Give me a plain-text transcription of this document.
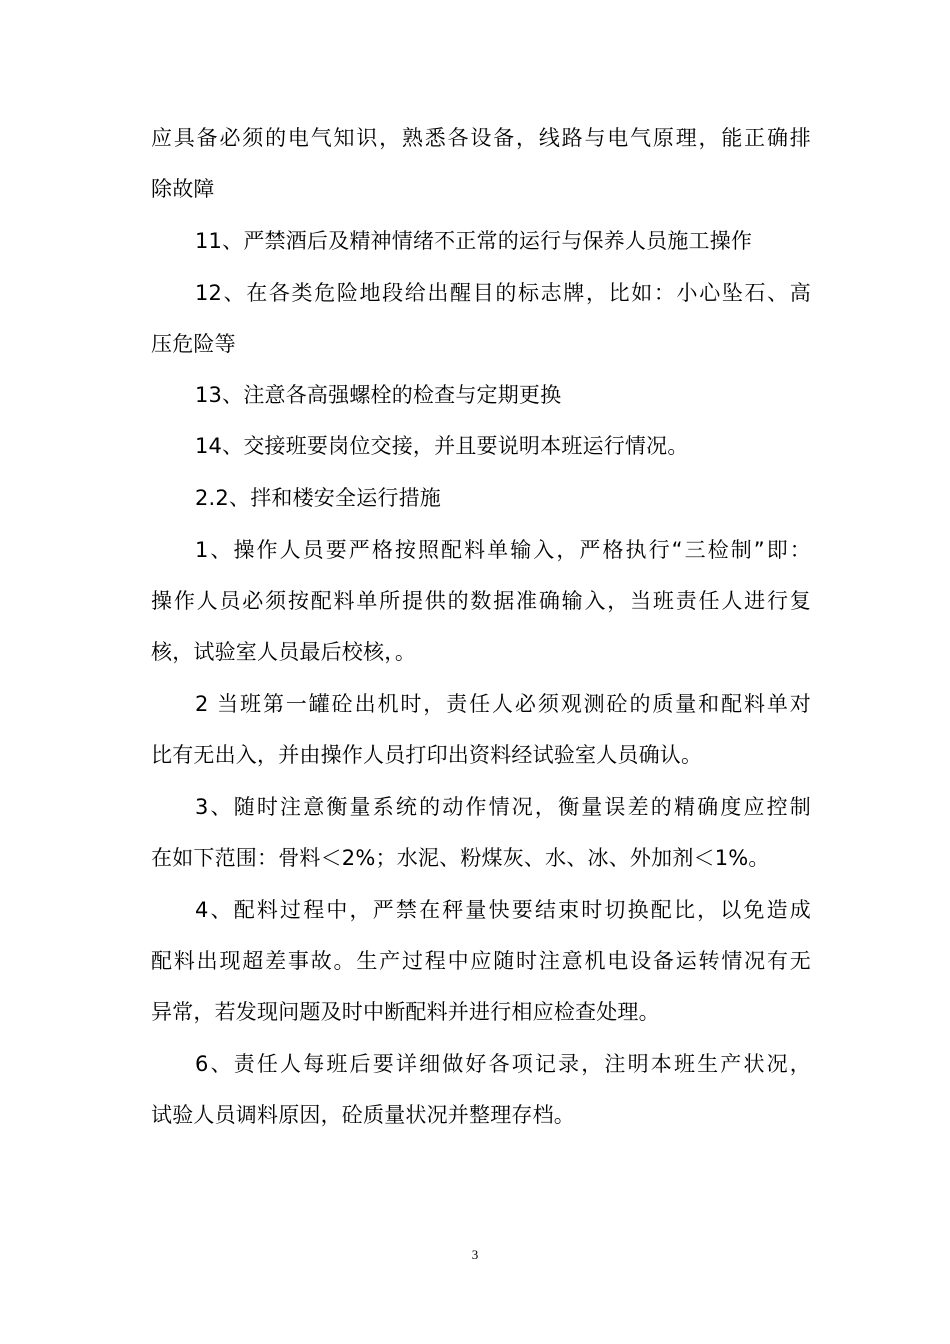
应具备必须的电气知识，熟悉各设备，线路与电气原理，能正确排
除故障
11、严禁酒后及精神情绪不正常的运行与保养人员施工操作
12、在各类危险地段给出醒目的标志牌，比如：小心坠石、高
压危险等
13、注意各高强螺栓的检查与定期更换
14、交接班要岗位交接，并且要说明本班运行情况。
2.2、拌和楼安全运行措施
1、操作人员要严格按照配料单输入，严格执行“三检制”即：
操作人员必须按配料单所提供的数据准确输入，当班责任人进行复
核，试验室人员最后校核，。
2 当班第一罐砼出机时，责任人必须观测砼的质量和配料单对
比有无出入，并由操作人员打印出资料经试验室人员确认。
3、随时注意衡量系统的动作情况，衡量误差的精确度应控制
在如下范围：骨料＜2%；水泥、粉煤灰、水、冰、外加剂＜1%。
4、配料过程中，严禁在秤量快要结束时切换配比，以免造成
配料出现超差事故。生产过程中应随时注意机电设备运转情况有无
异常，若发现问题及时中断配料并进行相应检查处理。
6、责任人每班后要详细做好各项记录，注明本班生产状况，
试验人员调料原因，砼质量状况并整理存档。
3
